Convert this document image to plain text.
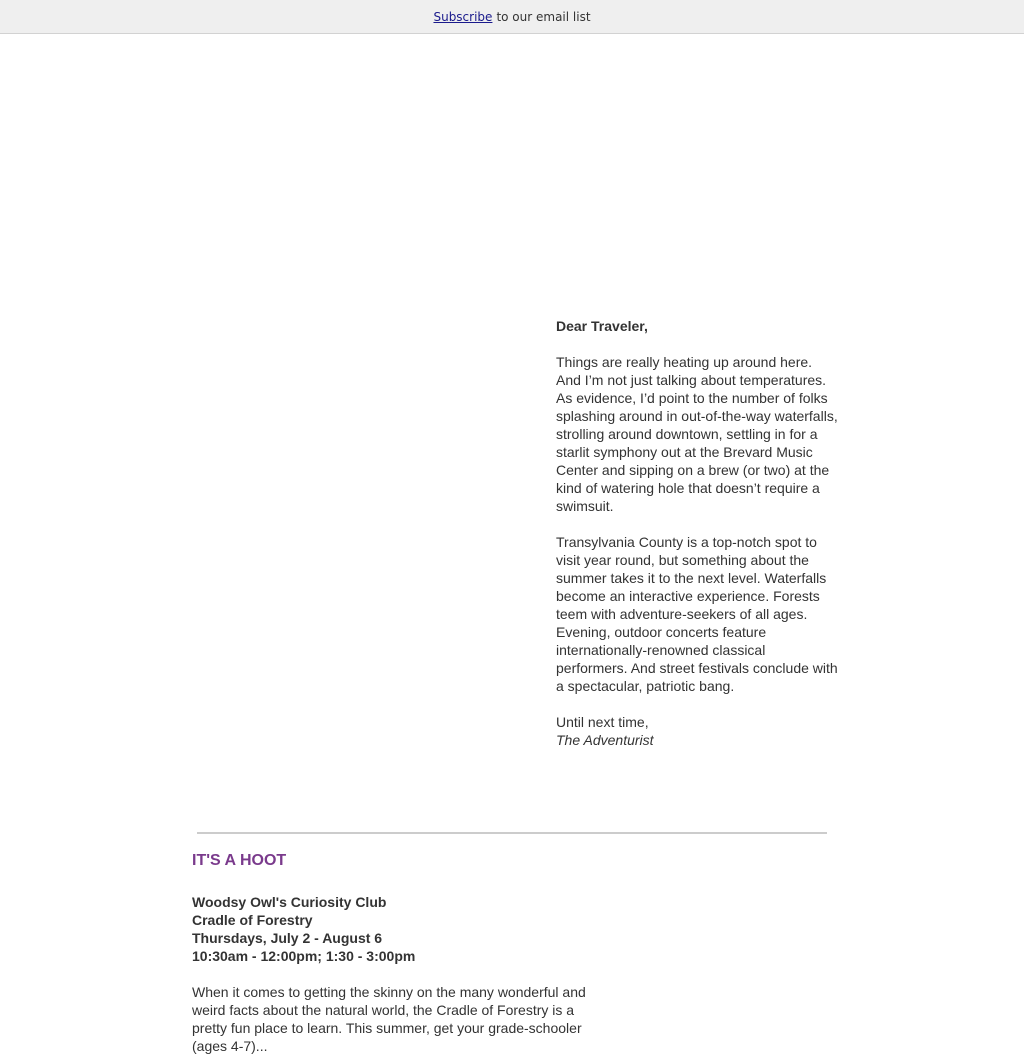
Subscribe to our email list

Dear Traveler,

Things are really heating up around here. And I’m not just talking about temperatures. As evidence, I’d point to the number of folks splashing around in out-of-the-way waterfalls, strolling around downtown, settling in for a starlit symphony out at the Brevard Music Center and sipping on a brew (or two) at the kind of watering hole that doesn’t require a swimsuit.

Transylvania County is a top-notch spot to visit year round, but something about the summer takes it to the next level. Waterfalls become an interactive experience. Forests teem with adventure-seekers of all ages. Evening, outdoor concerts feature internationally-renowned classical performers. And street festivals conclude with a spectacular, patriotic bang.

Until next time,
The Adventurist

IT'S A HOOT
Woodsy Owl's Curiosity Club
Cradle of Forestry
Thursdays, July 2 - August 6
10:30am - 12:00pm; 1:30 - 3:00pm

When it comes to getting the skinny on the many wonderful and weird facts about the natural world, the Cradle of Forestry is a pretty fun place to learn. This summer, get your grade-schooler (ages 4-7)...
